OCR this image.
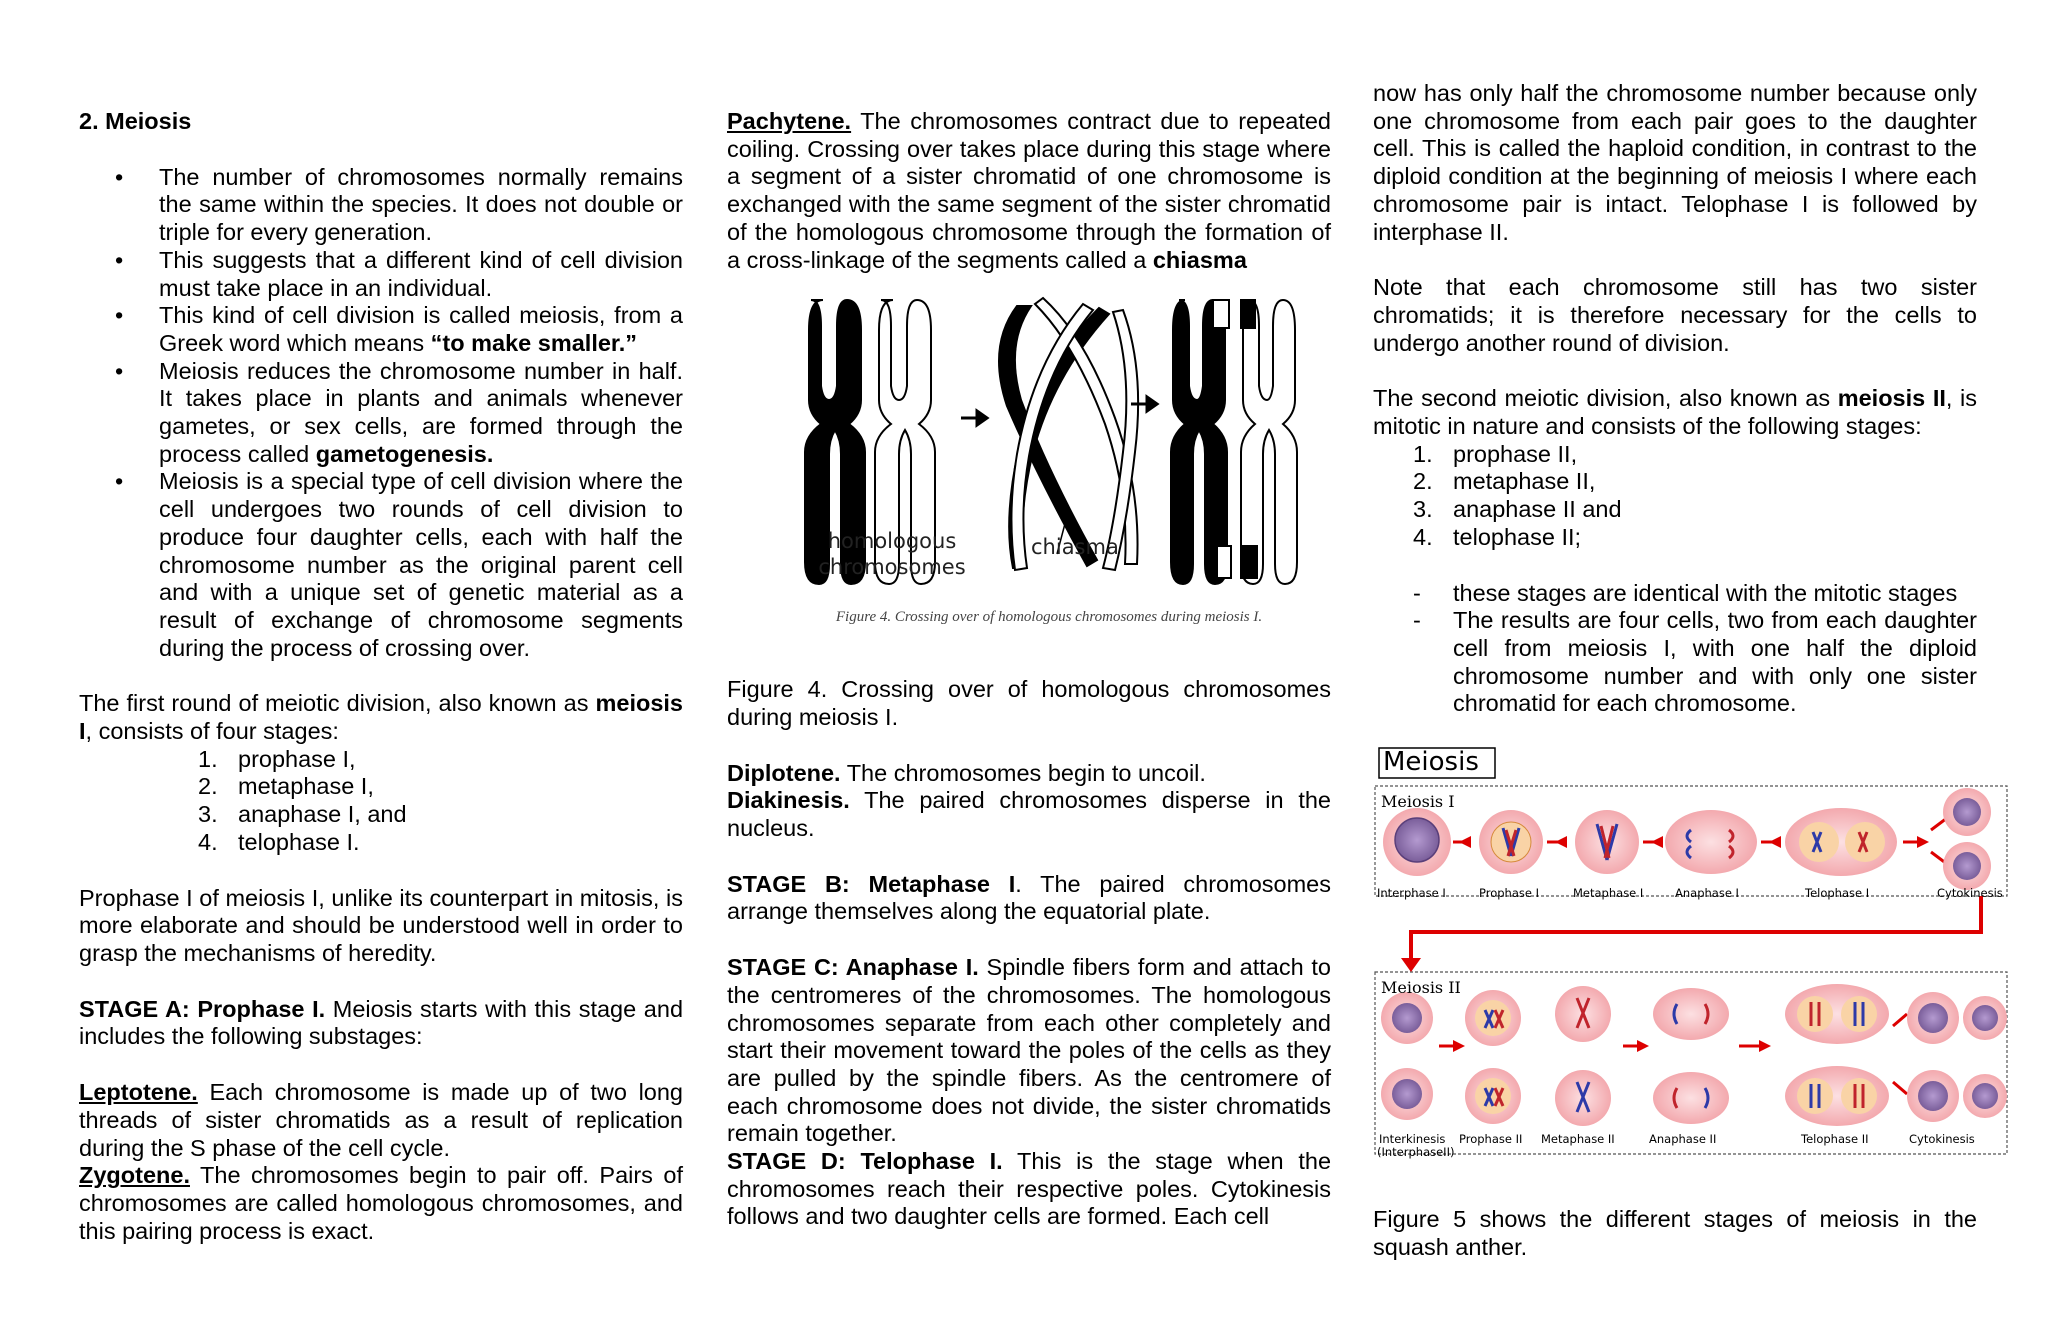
2. Meiosis

• The number of chromosomes normally remains the same within the species. It does not double or triple for every generation.
• This suggests that a different kind of cell division must take place in an individual.
• This kind of cell division is called meiosis, from a Greek word which means “to make smaller.”
• Meiosis reduces the chromosome number in half. It takes place in plants and animals whenever gametes, or sex cells, are formed through the process called gametogenesis.
• Meiosis is a special type of cell division where the cell undergoes two rounds of cell division to produce four daughter cells, each with half the chromosome number as the original parent cell and with a unique set of genetic material as a result of exchange of chromosome segments during the process of crossing over.

The first round of meiotic division, also known as meiosis I, consists of four stages:

1. prophase I,
2. metaphase I,
3. anaphase I, and
4. telophase I.

Prophase I of meiosis I, unlike its counterpart in mitosis, is more elaborate and should be understood well in order to grasp the mechanisms of heredity.

STAGE A: Prophase I. Meiosis starts with this stage and includes the following substages:

Leptotene. Each chromosome is made up of two long threads of sister chromatids as a result of replication during the S phase of the cell cycle.

Zygotene. The chromosomes begin to pair off. Pairs of chromosomes are called homologous chromosomes, and this pairing process is exact.

Pachytene. The chromosomes contract due to repeated coiling. Crossing over takes place during this stage where a segment of a sister chromatid of one chromosome is exchanged with the same segment of the sister chromatid of the homologous chromosome through the formation of a cross-linkage of the segments called a chiasma

homologous
chromosomes
chiasma
Figure 4. Crossing over of homologous chromosomes during meiosis I.

Figure 4. Crossing over of homologous chromosomes during meiosis I.

Diplotene. The chromosomes begin to uncoil.

Diakinesis. The paired chromosomes disperse in the nucleus.

STAGE B: Metaphase I. The paired chromosomes arrange themselves along the equatorial plate.

STAGE C: Anaphase I. Spindle fibers form and attach to the centromeres of the chromosomes. The homologous chromosomes separate from each other completely and start their movement toward the poles of the cells as they are pulled by the spindle fibers. As the centromere of each chromosome does not divide, the sister chromatids remain together.

STAGE D: Telophase I. This is the stage when the chromosomes reach their respective poles. Cytokinesis follows and two daughter cells are formed. Each cell

now has only half the chromosome number because only one chromosome from each pair goes to the daughter cell. This is called the haploid condition, in contrast to the diploid condition at the beginning of meiosis I where each chromosome pair is intact. Telophase I is followed by interphase II.

Note that each chromosome still has two sister chromatids; it is therefore necessary for the cells to undergo another round of division.

The second meiotic division, also known as meiosis II, is mitotic in nature and consists of the following stages:

1. prophase II,
2. metaphase II,
3. anaphase II and
4. telophase II;
- these stages are identical with the mitotic stages
- The results are four cells, two from each daughter cell from meiosis I, with one half the diploid chromosome number and with only one sister chromatid for each chromosome.
Meiosis
Meiosis I
Interphase I	Prophase I	Metaphase I	Anaphase I	Telophase I	Cytokinesis
Meiosis II
Interkinesis
(InterphaseII)
Prophase II Metaphase II	Anaphase II	Telophase II	Cytokinesis

Figure 5 shows the different stages of meiosis in the squash anther.
